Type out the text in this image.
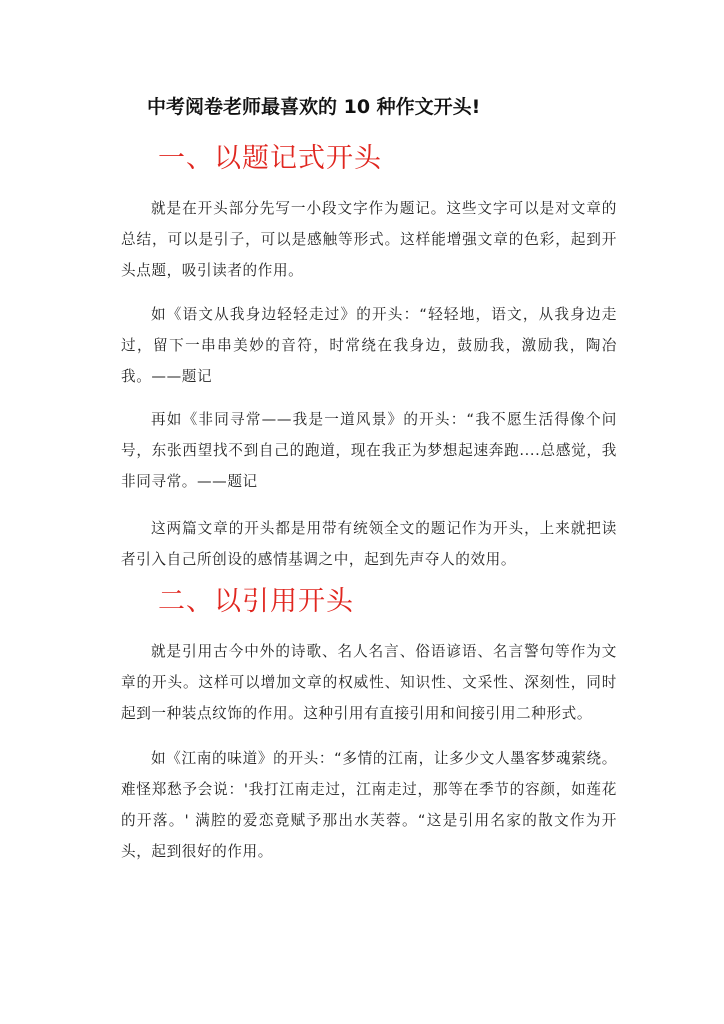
中考阅卷老师最喜欢的 10 种作文开头!
一、以题记式开头
就是在开头部分先写一小段文字作为题记。这些文字可以是对文章的总结，可以是引子，可以是感触等形式。这样能增强文章的色彩，起到开头点题，吸引读者的作用。
如《语文从我身边轻轻走过》的开头：“轻轻地，语文，从我身边走过，留下一串串美妙的音符，时常绕在我身边，鼓励我，激励我，陶冶我。——题记
再如《非同寻常——我是一道风景》的开头：“我不愿生活得像个问号，东张西望找不到自己的跑道，现在我正为梦想起速奔跑....总感觉，我非同寻常。——题记
这两篇文章的开头都是用带有统领全文的题记作为开头，上来就把读者引入自己所创设的感情基调之中，起到先声夺人的效用。
二、以引用开头
就是引用古今中外的诗歌、名人名言、俗语谚语、名言警句等作为文章的开头。这样可以增加文章的权威性、知识性、文采性、深刻性，同时起到一种装点纹饰的作用。这种引用有直接引用和间接引用二种形式。
如《江南的味道》的开头：“多情的江南，让多少文人墨客梦魂萦绕。难怪郑愁予会说：'我打江南走过，江南走过，那等在季节的容颜，如莲花的开落。' 满腔的爱恋竟赋予那出水芙蓉。“这是引用名家的散文作为开头，起到很好的作用。
